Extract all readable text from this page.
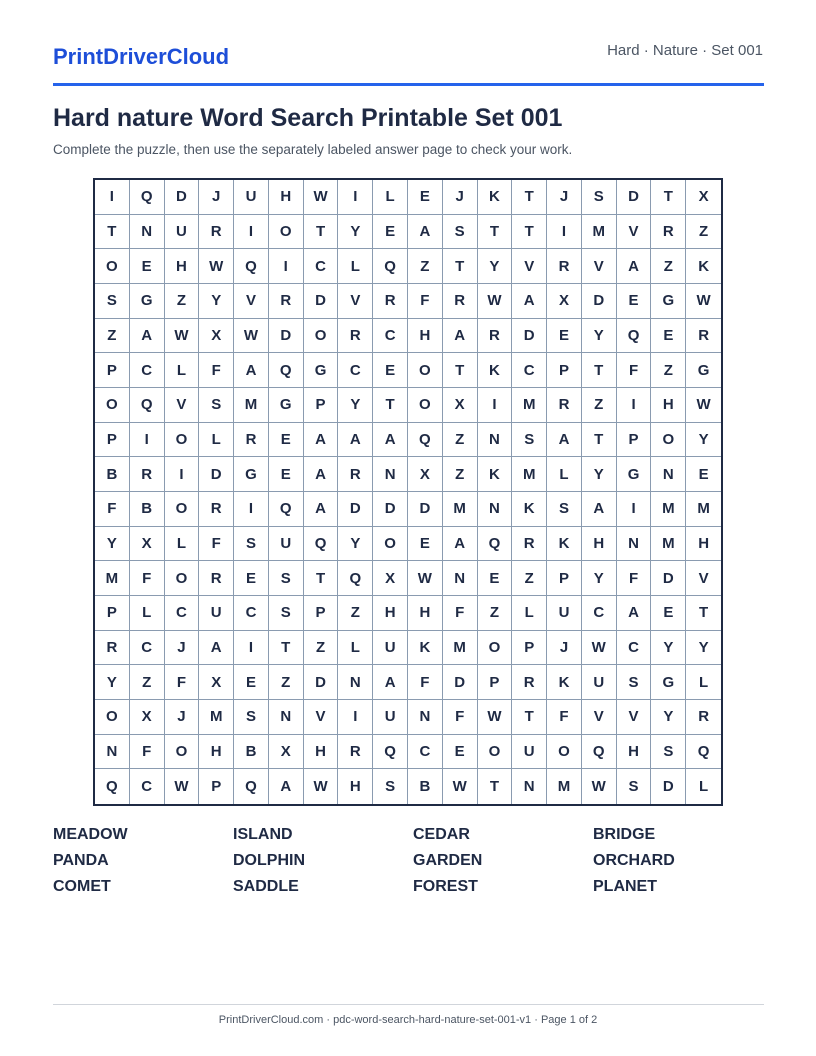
PrintDriverCloud	Hard · Nature · Set 001
Hard nature Word Search Printable Set 001
Complete the puzzle, then use the separately labeled answer page to check your work.
I	Q	D	J	U	H	W	I	L	E	J	K	T	J	S	D	T	X
T	N	U	R	I	O	T	Y	E	A	S	T	T	I	M	V	R	Z
O	E	H	W	Q	I	C	L	Q	Z	T	Y	V	R	V	A	Z	K
S	G	Z	Y	V	R	D	V	R	F	R	W	A	X	D	E	G	W
Z	A	W	X	W	D	O	R	C	H	A	R	D	E	Y	Q	E	R
P	C	L	F	A	Q	G	C	E	O	T	K	C	P	T	F	Z	G
O	Q	V	S	M	G	P	Y	T	O	X	I	M	R	Z	I	H	W
P	I	O	L	R	E	A	A	A	Q	Z	N	S	A	T	P	O	Y
B	R	I	D	G	E	A	R	N	X	Z	K	M	L	Y	G	N	E
F	B	O	R	I	Q	A	D	D	D	M	N	K	S	A	I	M	M
Y	X	L	F	S	U	Q	Y	O	E	A	Q	R	K	H	N	M	H
M	F	O	R	E	S	T	Q	X	W	N	E	Z	P	Y	F	D	V
P	L	C	U	C	S	P	Z	H	H	F	Z	L	U	C	A	E	T
R	C	J	A	I	T	Z	L	U	K	M	O	P	J	W	C	Y	Y
Y	Z	F	X	E	Z	D	N	A	F	D	P	R	K	U	S	G	L
O	X	J	M	S	N	V	I	U	N	F	W	T	F	V	V	Y	R
N	F	O	H	B	X	H	R	Q	C	E	O	U	O	Q	H	S	Q
Q	C	W	P	Q	A	W	H	S	B	W	T	N	M	W	S	D	L
MEADOW	ISLAND	CEDAR	BRIDGE
PANDA	DOLPHIN	GARDEN	ORCHARD
COMET	SADDLE	FOREST	PLANET
PrintDriverCloud.com · pdc-word-search-hard-nature-set-001-v1 · Page 1 of 2
